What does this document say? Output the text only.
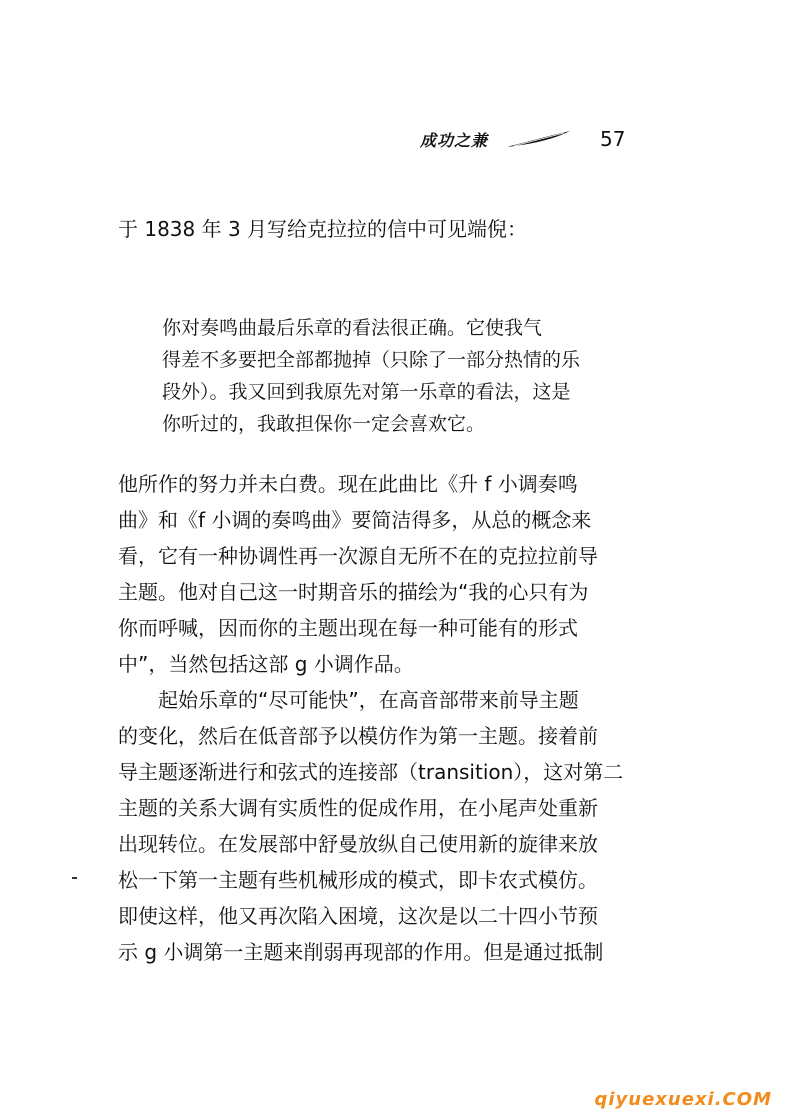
成功之兼	57

于 1838 年 3 月写给克拉拉的信中可见端倪：

你对奏鸣曲最后乐章的看法很正确。它使我气

得差不多要把全部都抛掉（只除了一部分热情的乐

段外）。我又回到我原先对第一乐章的看法，这是

你听过的，我敢担保你一定会喜欢它。

他所作的努力并未白费。现在此曲比《升 f 小调奏鸣

曲》和《f 小调的奏鸣曲》要简洁得多，从总的概念来

看，它有一种协调性再一次源自无所不在的克拉拉前导

主题。他对自己这一时期音乐的描绘为“我的心只有为

你而呼喊，因而你的主题出现在每一种可能有的形式

中”，当然包括这部 g 小调作品。

　　起始乐章的“尽可能快”，在高音部带来前导主题

的变化，然后在低音部予以模仿作为第一主题。接着前

导主题逐渐进行和弦式的连接部（transition），这对第二

主题的关系大调有实质性的促成作用，在小尾声处重新

出现转位。在发展部中舒曼放纵自己使用新的旋律来放

松一下第一主题有些机械形成的模式，即卡农式模仿。

即使这样，他又再次陷入困境，这次是以二十四小节预

示 g 小调第一主题来削弱再现部的作用。但是通过抵制

qiyuexuexi.COM
